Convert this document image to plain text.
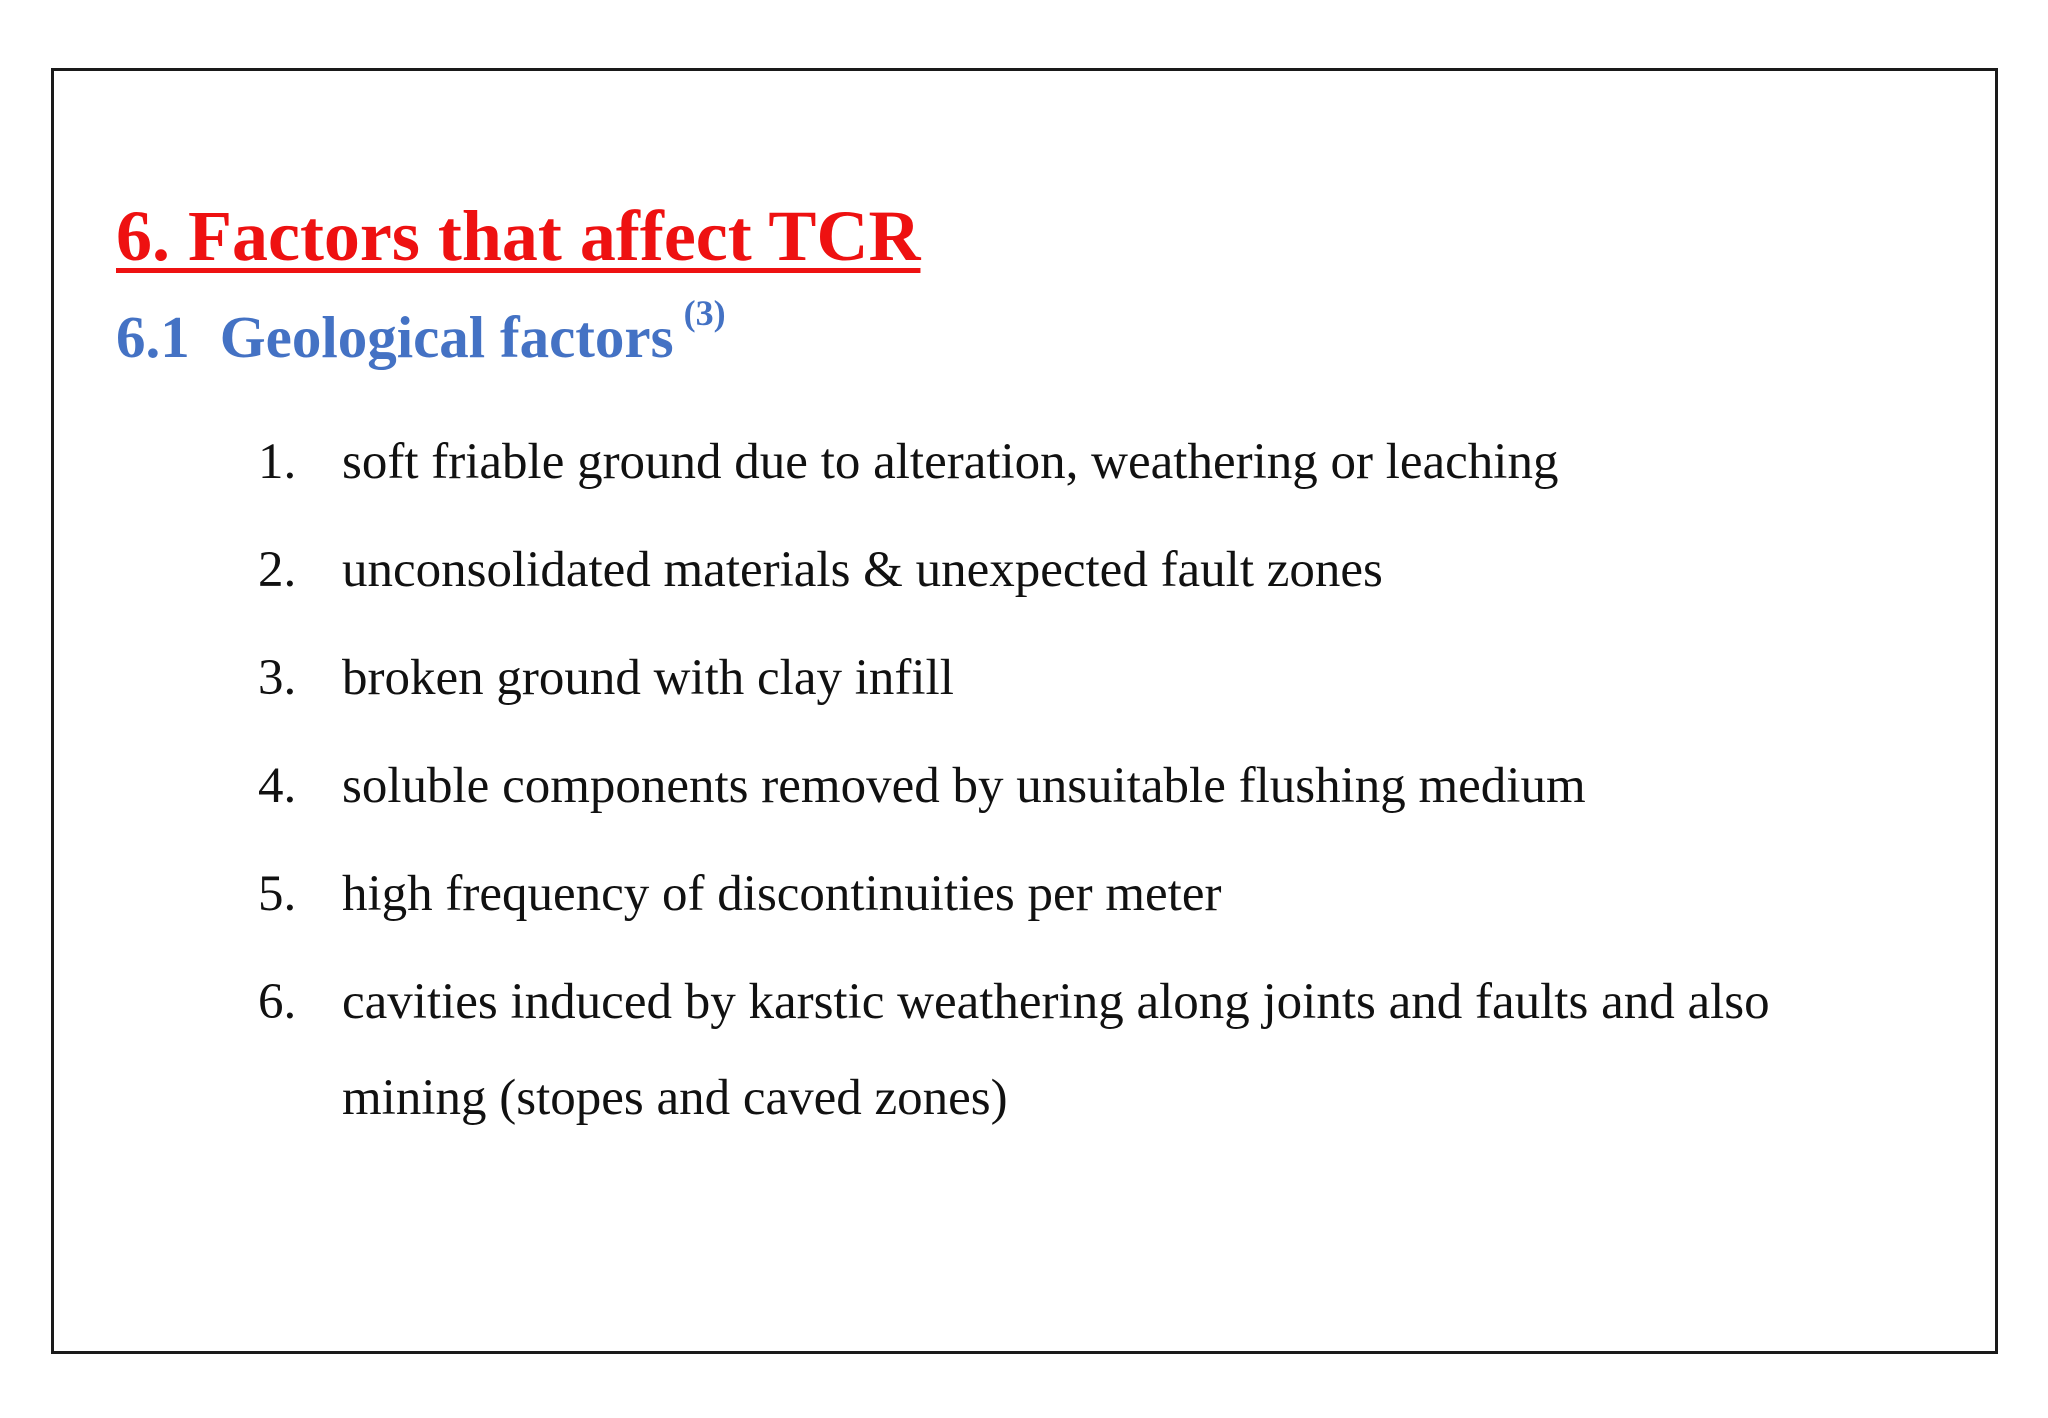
6. Factors that affect TCR
6.1 Geological factors $^{(3)}$
1. soft friable ground due to alteration, weathering or leaching
2. unconsolidated materials & unexpected fault zones
3. broken ground with clay infill
4. soluble components removed by unsuitable flushing medium
5. high frequency of discontinuities per meter
6. cavities induced by karstic weathering along joints and faults and also mining (stopes and caved zones)
